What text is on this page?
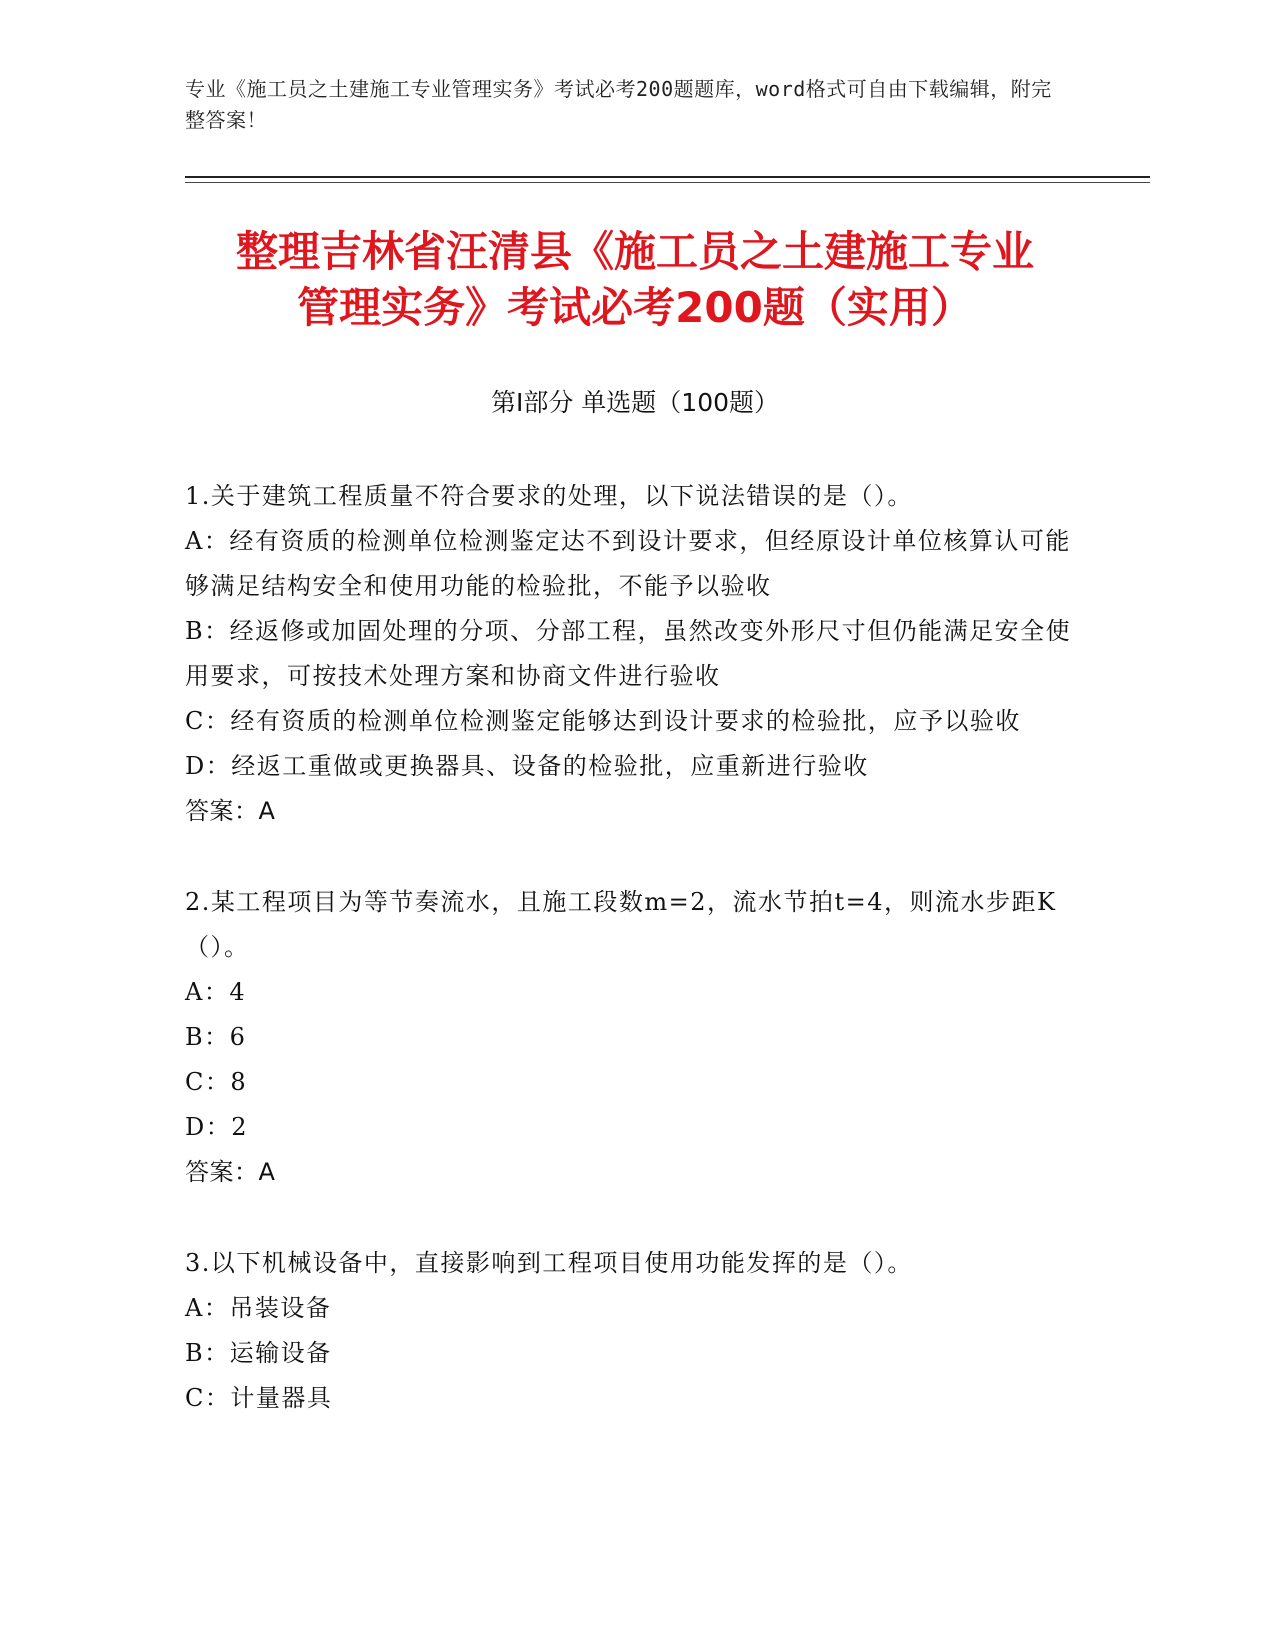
专业《施工员之土建施工专业管理实务》考试必考200题题库，word格式可自由下载编辑，附完整答案！
整理吉林省汪清县《施工员之土建施工专业
管理实务》考试必考200题（实用）
第Ⅰ部分 单选题（100题）
1.关于建筑工程质量不符合要求的处理，以下说法错误的是（）。
A：经有资质的检测单位检测鉴定达不到设计要求，但经原设计单位核算认可能够满足结构安全和使用功能的检验批，不能予以验收
B：经返修或加固处理的分项、分部工程，虽然改变外形尺寸但仍能满足安全使用要求，可按技术处理方案和协商文件进行验收
C：经有资质的检测单位检测鉴定能够达到设计要求的检验批，应予以验收
D：经返工重做或更换器具、设备的检验批，应重新进行验收
答案：A
2.某工程项目为等节奏流水，且施工段数m=2，流水节拍t=4，则流水步距K（）。
A：4
B：6
C：8
D：2
答案：A
3.以下机械设备中，直接影响到工程项目使用功能发挥的是（）。
A：吊装设备
B：运输设备
C：计量器具
